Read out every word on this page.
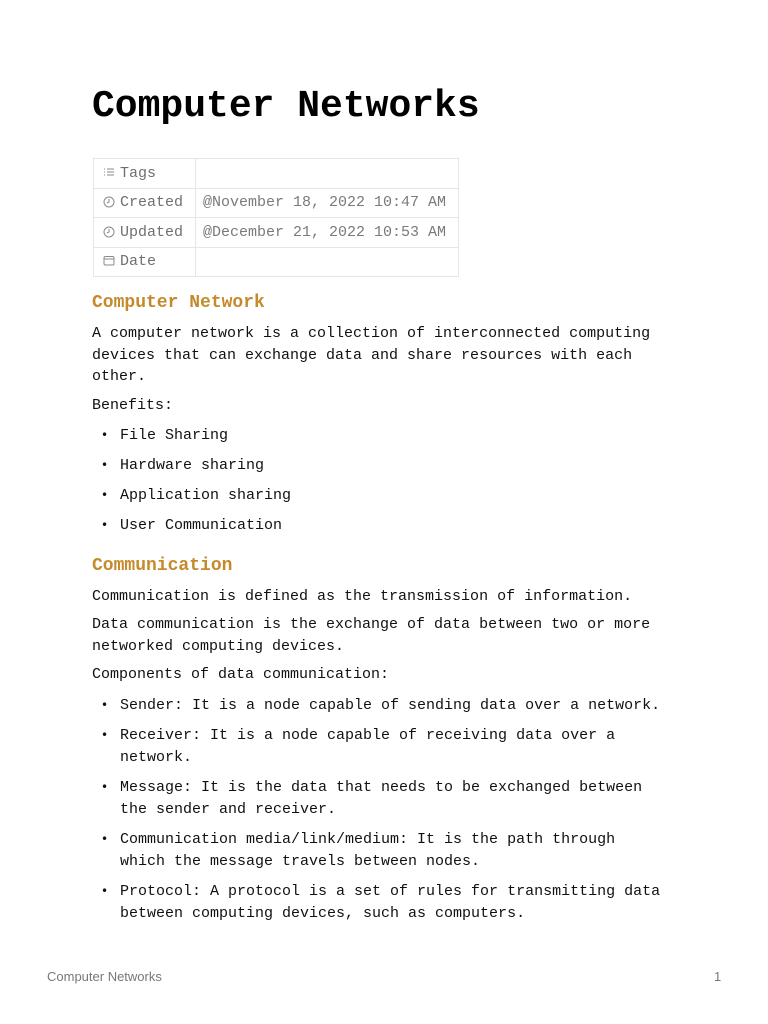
Computer Networks
Tags	

Created	@November 18, 2022 10:47 AM

Updated	@December 21, 2022 10:53 AM

Date	
Computer Network

A computer network is a collection of interconnected computing
devices that can exchange data and share resources with each
other.

Benefits:

• File Sharing
• Hardware sharing
• Application sharing
• User Communication
Communication

Communication is defined as the transmission of information.

Data communication is the exchange of data between two or more
networked computing devices.

Components of data communication:

• Sender: It is a node capable of sending data over a network.
• Receiver: It is a node capable of receiving data over a
network.
• Message: It is the data that needs to be exchanged between
the sender and receiver.
• Communication media/link/medium: It is the path through
which the message travels between nodes.
• Protocol: A protocol is a set of rules for transmitting data
between computing devices, such as computers.
Computer Networks	1
